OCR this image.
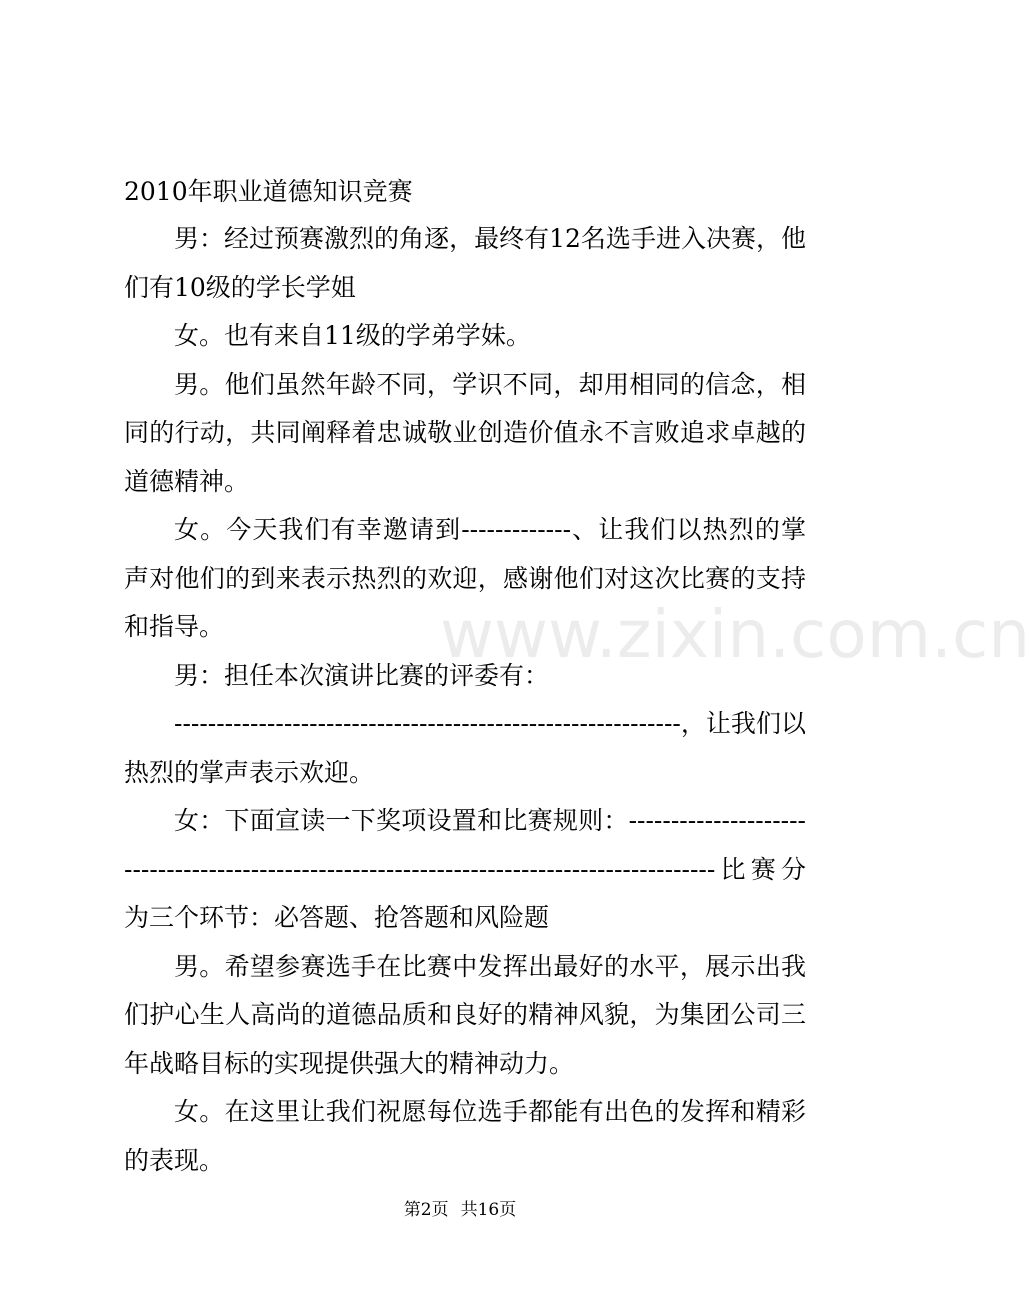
2010年职业道德知识竞赛

男：经过预赛激烈的角逐，最终有12名选手进入决赛，他们有10级的学长学姐

女。也有来自11级的学弟学妹。

男。他们虽然年龄不同，学识不同，却用相同的信念，相同的行动，共同阐释着忠诚敬业创造价值永不言败追求卓越的道德精神。

女。今天我们有幸邀请到-------------、让我们以热烈的掌声对他们的到来表示热烈的欢迎，感谢他们对这次比赛的支持和指导。

男：担任本次演讲比赛的评委有：

------------------------------------------------------------，让我们以热烈的掌声表示欢迎。

女：下面宣读一下奖项设置和比赛规则：-------------------------------------------------------------------------------------------比赛分为三个环节：必答题、抢答题和风险题

男。希望参赛选手在比赛中发挥出最好的水平，展示出我们护心生人高尚的道德品质和良好的精神风貌，为集团公司三年战略目标的实现提供强大的精神动力。

女。在这里让我们祝愿每位选手都能有出色的发挥和精彩的表现。

www.zixin.com.cn
第2页 共16页
